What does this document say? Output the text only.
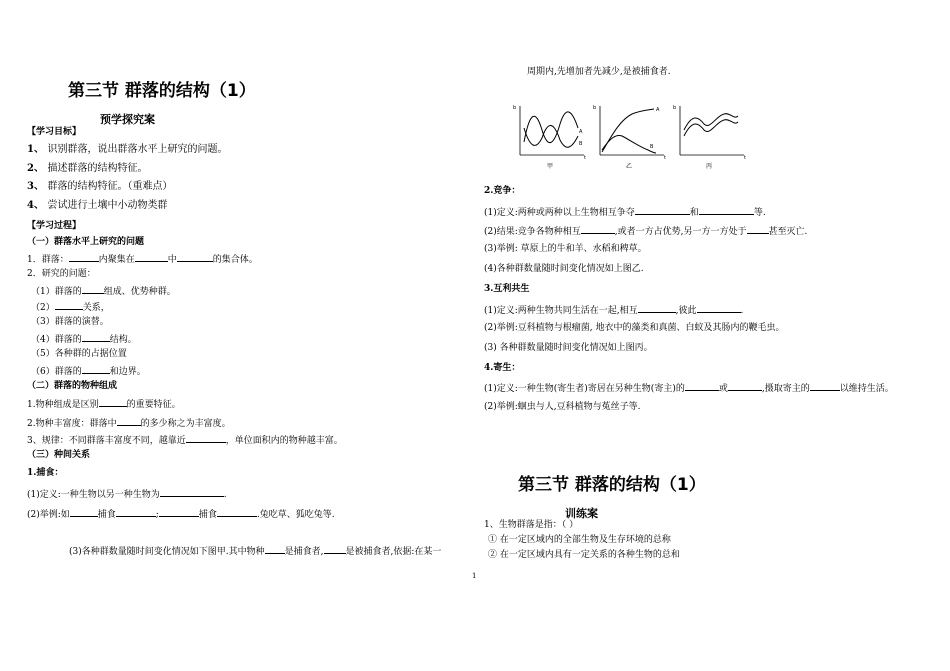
第三节 群落的结构（1）
预学探究案
【学习目标】
1、 识别群落，说出群落水平上研究的问题。
2、 描述群落的结构特征。
3、 群落的结构特征。（重难点）
4、 尝试进行土壤中小动物类群
【学习过程】
（一）群落水平上研究的问题
1．群落：	内聚集在	中	的集合体。
2．研究的问题：
（1）群落的 组成、优势种群。
（2）	关系，
（3）群落的演替。
（4）群落的	结构。
（5）各种群的占据位置
（6）群落的	和边界。
（二）群落的物种组成
1.物种组成是区别	的重要特征。
2.物种丰富度：群落中	的多少称之为丰富度。
3、规律：不同群落丰富度不同，越靠近	，单位面积内的物种越丰富。
（三）种间关系
1.捕食：
(1)定义:一种生物以另一种生物为	.
(2)举例:如	捕食	;	捕食	.兔吃草、狐吃兔等.
(3)各种群数量随时间变化情况如下图甲.其中物种 是捕食者, 是被捕食者,依据:在某一
周期内,先增加者先减少,是被捕食者.
b
t
A
B
甲
b
t
A
B
乙
b
t
丙
2.竞争：
(1)定义:两种或两种以上生物相互争夺	和	等.
(2)结果:竞争各物种相互	,或者一方占优势,另一方一方处于 甚至灭亡.
(3)举例: 草原上的牛和羊、水稻和稗草。
(4)各种群数量随时间变化情况如上图乙.
3.互利共生
(1)定义:两种生物共同生活在一起,相互	,彼此	.
(2)举例:豆科植物与根瘤菌, 地衣中的藻类和真菌、白蚁及其肠内的鞭毛虫。
(3) 各种群数量随时间变化情况如上图丙。
4.寄生：
(1)定义:一种生物(寄生者)寄居在另种生物(寄主)的	或	,摄取寄主的	以维持生活。
(2)举例:蛔虫与人,豆科植物与菟丝子等.
第三节 群落的结构（1）
训练案
1、生物群落是指：（ ）
① 在一定区域内的全部生物及生存环境的总称
② 在一定区域内具有一定关系的各种生物的总和
1
